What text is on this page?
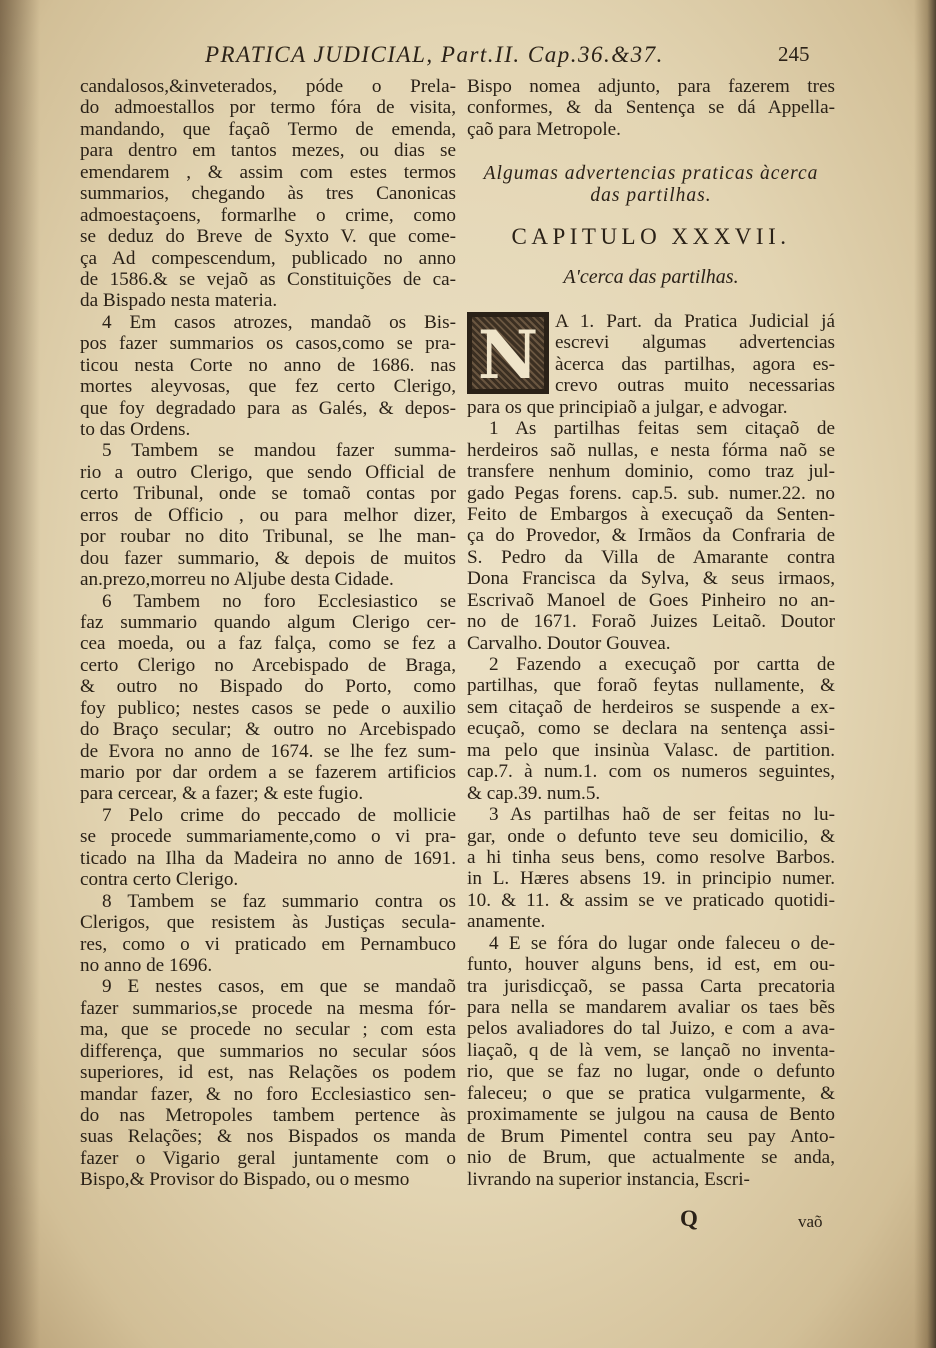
PRATICA JUDICIAL, Part.II. Cap.36.&37.	245
candalosos,&inveterados, póde o Prela-
do admoestallos por termo fóra de visita,
mandando, que façaõ Termo de emenda,
para dentro em tantos mezes, ou dias se
emendarem , & assim com estes termos
summarios, chegando às tres Canonicas
admoestaçoens, formarlhe o crime, como
se deduz do Breve de Syxto V. que come-
ça Ad compescendum, publicado no anno
de 1586.& se vejaõ as Constituições de ca-
da Bispado nesta materia.
4 Em casos atrozes, mandaõ os Bis-
pos fazer summarios os casos,como se pra-
ticou nesta Corte no anno de 1686. nas
mortes aleyvosas, que fez certo Clerigo,
que foy degradado para as Galés, & depos-
to das Ordens.
5 Tambem se mandou fazer summa-
rio a outro Clerigo, que sendo Official de
certo Tribunal, onde se tomaõ contas por
erros de Officio , ou para melhor dizer,
por roubar no dito Tribunal, se lhe man-
dou fazer summario, & depois de muitos
an.prezo,morreu no Aljube desta Cidade.
6 Tambem no foro Ecclesiastico se
faz summario quando algum Clerigo cer-
cea moeda, ou a faz falça, como se fez a
certo Clerigo no Arcebispado de Braga,
& outro no Bispado do Porto, como
foy publico; nestes casos se pede o auxilio
do Braço secular; & outro no Arcebispado
de Evora no anno de 1674. se lhe fez sum-
mario por dar ordem a se fazerem artificios
para cercear, & a fazer; & este fugio.
7 Pelo crime do peccado de mollicie
se procede summariamente,como o vi pra-
ticado na Ilha da Madeira no anno de 1691.
contra certo Clerigo.
8 Tambem se faz summario contra os
Clerigos, que resistem às Justiças secula-
res, como o vi praticado em Pernambuco
no anno de 1696.
9 E nestes casos, em que se mandaõ
fazer summarios,se procede na mesma fór-
ma, que se procede no secular ; com esta
differença, que summarios no secular sóos
superiores, id est, nas Relações os podem
mandar fazer, & no foro Ecclesiastico sen-
do nas Metropoles tambem pertence às
suas Relações; & nos Bispados os manda
fazer o Vigario geral juntamente com o
Bispo,& Provisor do Bispado, ou o mesmo
Bispo nomea adjunto, para fazerem tres
conformes, & da Sentença se dá Appella-
çaõ para Metropole.
Algumas advertencias praticas àcerca
das partilhas.
CAPITULO XXXVII.
A'cerca das partilhas.
N A 1. Part. da Pratica Judicial já
escrevi algumas advertencias
àcerca das partilhas, agora es-
crevo outras muito necessarias
para os que principiaõ a julgar, e advogar.
1 As partilhas feitas sem citaçaõ de
herdeiros saõ nullas, e nesta fórma naõ se
transfere nenhum dominio, como traz jul-
gado Pegas forens. cap.5. sub. numer.22. no
Feito de Embargos à execuçaõ da Senten-
ça do Provedor, & Irmãos da Confraria de
S. Pedro da Villa de Amarante contra
Dona Francisca da Sylva, & seus irmaos,
Escrivaõ Manoel de Goes Pinheiro no an-
no de 1671. Foraõ Juizes Leitaõ. Doutor
Carvalho. Doutor Gouvea.
2 Fazendo a execuçaõ por cartta de
partilhas, que foraõ feytas nullamente, &
sem citaçaõ de herdeiros se suspende a ex-
ecuçaõ, como se declara na sentença assi-
ma pelo que insinùa Valasc. de partition.
cap.7. à num.1. com os numeros seguintes,
& cap.39. num.5.
3 As partilhas haõ de ser feitas no lu-
gar, onde o defunto teve seu domicilio, &
a hi tinha seus bens, como resolve Barbos.
in L. Hæres absens 19. in principio numer.
10. & 11. & assim se ve praticado quotidi-
anamente.
4 E se fóra do lugar onde faleceu o de-
funto, houver alguns bens, id est, em ou-
tra jurisdicçaõ, se passa Carta precatoria
para nella se mandarem avaliar os taes bẽs
pelos avaliadores do tal Juizo, e com a ava-
liaçaõ, q de là vem, se lançaõ no inventa-
rio, que se faz no lugar, onde o defunto
faleceu; o que se pratica vulgarmente, &
proximamente se julgou na causa de Bento
de Brum Pimentel contra seu pay Anto-
nio de Brum, que actualmente se anda,
livrando na superior instancia, Escri-
Q	vaõ
